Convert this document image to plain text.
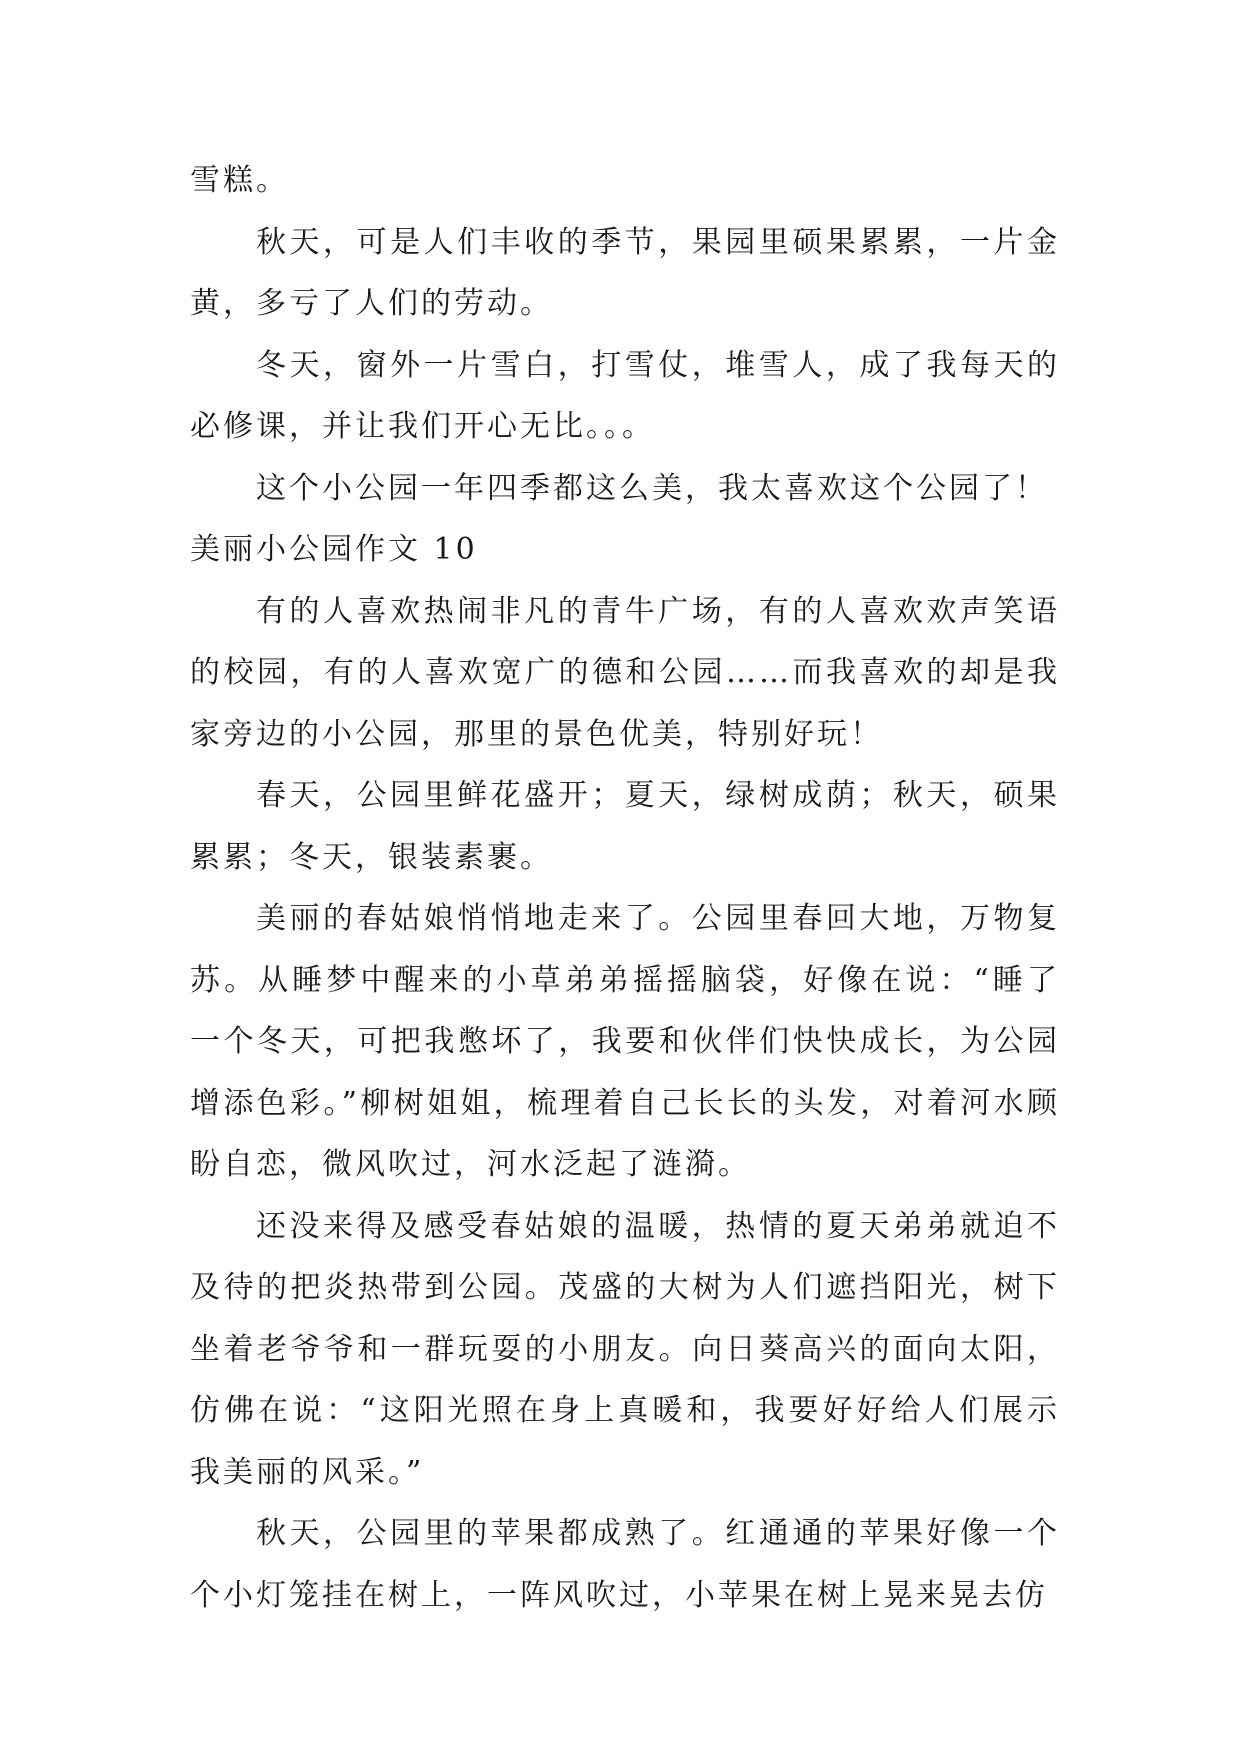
雪糕。

秋天，可是人们丰收的季节，果园里硕果累累，一片金黄，多亏了人们的劳动。

冬天，窗外一片雪白，打雪仗，堆雪人，成了我每天的必修课，并让我们开心无比。。。

这个小公园一年四季都这么美，我太喜欢这个公园了！

美丽小公园作文 10

有的人喜欢热闹非凡的青牛广场，有的人喜欢欢声笑语的校园，有的人喜欢宽广的德和公园……而我喜欢的却是我家旁边的小公园，那里的景色优美，特别好玩！

春天，公园里鲜花盛开；夏天，绿树成荫；秋天，硕果累累；冬天，银装素裹。

美丽的春姑娘悄悄地走来了。公园里春回大地，万物复苏。从睡梦中醒来的小草弟弟摇摇脑袋，好像在说：“睡了一个冬天，可把我憋坏了，我要和伙伴们快快成长，为公园增添色彩。”柳树姐姐，梳理着自己长长的头发，对着河水顾盼自恋，微风吹过，河水泛起了涟漪。

还没来得及感受春姑娘的温暖，热情的夏天弟弟就迫不及待的把炎热带到公园。茂盛的大树为人们遮挡阳光，树下坐着老爷爷和一群玩耍的小朋友。向日葵高兴的面向太阳，仿佛在说：“这阳光照在身上真暖和，我要好好给人们展示我美丽的风采。”

秋天，公园里的苹果都成熟了。红通通的苹果好像一个个小灯笼挂在树上，一阵风吹过，小苹果在树上晃来晃去仿
